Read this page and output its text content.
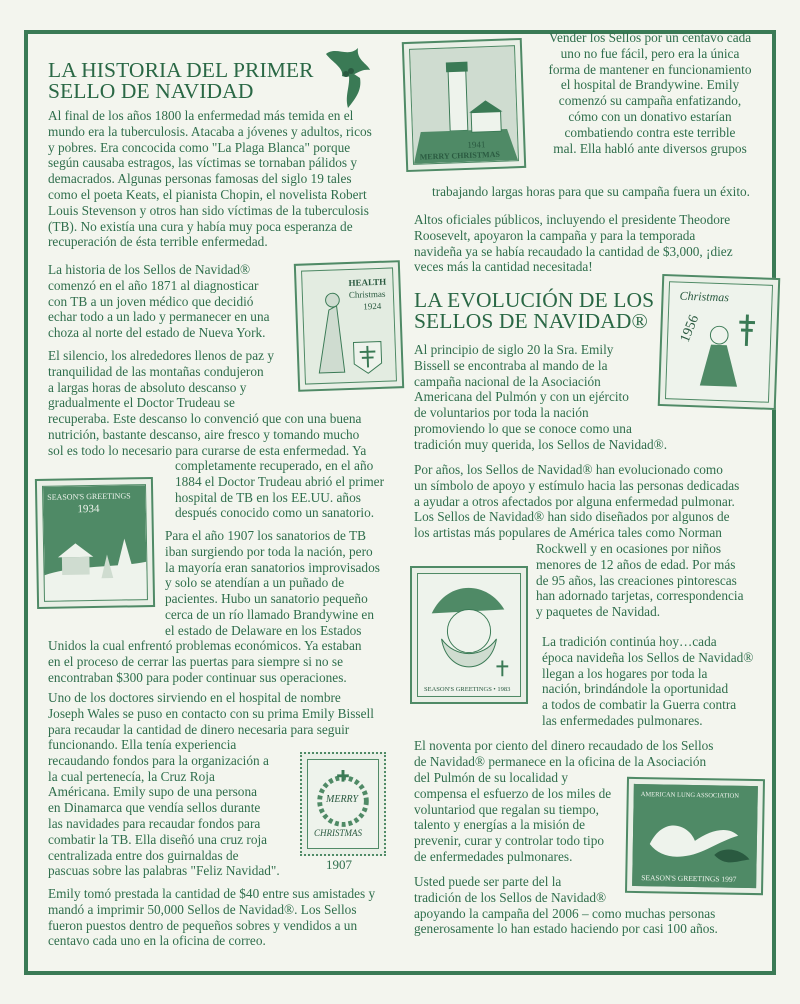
LA HISTORIA DEL PRIMER
SELLO DE NAVIDAD
Al final de los años 1800 la enfermedad más temida en el
mundo era la tuberculosis. Atacaba a jóvenes y adultos, ricos
y pobres. Era concocida como "La Plaga Blanca" porque
según causaba estragos, las víctimas se tornaban pálidos y
demacrados. Algunas personas famosas del siglo 19 tales
como el poeta Keats, el pianista Chopin, el novelista Robert
Louis Stevenson y otros han sido víctimas de la tuberculosis
(TB). No existía una cura y había muy poca esperanza de
recuperación de ésta terrible enfermedad.
La historia de los Sellos de Navidad®
comenzó en el año 1871 al diagnosticar
con TB a un joven médico que decidió
echar todo a un lado y permanecer en una
choza al norte del estado de Nueva York.
El silencio, los alrededores llenos de paz y
tranquilidad de las montañas condujeron
a largas horas de absoluto descanso y
gradualmente el Doctor Trudeau se
recuperaba. Este descanso lo convenció que con una buena
nutrición, bastante descanso, aire fresco y tomando mucho
sol es todo lo necesario para curarse de esta enfermedad. Ya
completamente recuperado, en el año
1884 el Doctor Trudeau abrió el primer
hospital de TB en los EE.UU. años
después conocido como un sanatorio.
Para el año 1907 los sanatorios de TB
iban surgiendo por toda la nación, pero
la mayoría eran sanatorios improvisados
y solo se atendían a un puñado de
pacientes. Hubo un sanatorio pequeño
cerca de un río llamado Brandywine en
el estado de Delaware en los Estados
Unidos la cual enfrentó problemas económicos. Ya estaban
en el proceso de cerrar las puertas para siempre si no se
encontraban $300 para poder continuar sus operaciones.
Uno de los doctores sirviendo en el hospital de nombre
Joseph Wales se puso en contacto con su prima Emily Bissell
para recaudar la cantidad de dinero necesaria para seguir
funcionando. Ella tenía experiencia
recaudando fondos para la organización a
la cual pertenecía, la Cruz Roja
Américana. Emily supo de una persona
en Dinamarca que vendía sellos durante
las navidades para recaudar fondos para
combatir la TB. Ella diseñó una cruz roja
centralizada entre dos guirnaldas de
pascuas sobre las palabras "Feliz Navidad".
Emily tomó prestada la cantidad de $40 entre sus amistades y
mandó a imprimir 50,000 Sellos de Navidad®. Los Sellos
fueron puestos dentro de pequeños sobres y vendidos a un
centavo cada uno en la oficina de correo.
Vender los Sellos por un centavo cada
uno no fue fácil, pero era la única
forma de mantener en funcionamiento
el hospital de Brandywine. Emily
comenzó su campaña enfatizando,
cómo con un donativo estarían
combatiendo contra este terrible
mal. Ella habló ante diversos grupos
trabajando largas horas para que su campaña fuera un éxito.
Altos oficiales públicos, incluyendo el presidente Theodore
Roosevelt, apoyaron la campaña y para la temporada
navideña ya se había recaudado la cantidad de $3,000, ¡diez
veces más la cantidad necesitada!
LA EVOLUCIÓN DE LOS
SELLOS DE NAVIDAD®
Al principio de siglo 20 la Sra. Emily
Bissell se encontraba al mando de la
campaña nacional de la Asociación
Americana del Pulmón y con un ejército
de voluntarios por toda la nación
promoviendo lo que se conoce como una
tradición muy querida, los Sellos de Navidad®.
Por años, los Sellos de Navidad® han evolucionado como
un símbolo de apoyo y estímulo hacia las personas dedicadas
a ayudar a otros afectados por alguna enfermedad pulmonar.
Los Sellos de Navidad® han sido diseñados por algunos de
los artistas más populares de América tales como Norman
Rockwell y en ocasiones por niños
menores de 12 años de edad. Por más
de 95 años, las creaciones pintorescas
han adornado tarjetas, correspondencia
y paquetes de Navidad.
La tradición continúa hoy…cada
época navideña los Sellos de Navidad®
llegan a los hogares por toda la
nación, brindándole la oportunidad
a todos de combatir la Guerra contra
las enfermedades pulmonares.
El noventa por ciento del dinero recaudado de los Sellos
de Navidad® permanece en la oficina de la Asociación
del Pulmón de su localidad y
compensa el esfuerzo de los miles de
voluntariod que regalan su tiempo,
talento y energías a la misión de
prevenir, curar y controlar todo tipo
de enfermedades pulmonares.
Usted puede ser parte del la
tradición de los Sellos de Navidad®
apoyando la campaña del 2006 – como muchas personas
generosamente lo han estado haciendo por casi 100 años.
1941
MERRY CHRISTMAS
HEALTH
Christmas
1924
SEASON'S GREETINGS
1934
Christmas
1956
SEASON'S GREETINGS • 1983
MERRY
CHRISTMAS
1907
AMERICAN LUNG ASSOCIATION
SEASON'S GREETINGS 1997
